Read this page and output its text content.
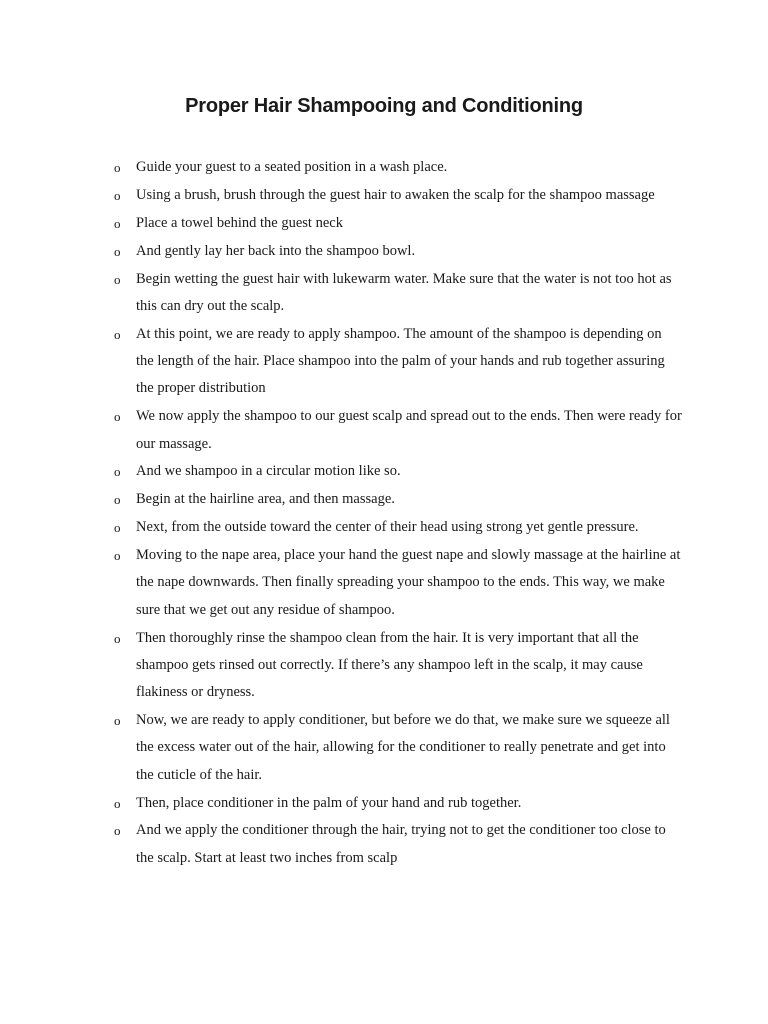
Proper Hair Shampooing and Conditioning
o Guide your guest to a seated position in a wash place.
o Using a brush, brush through the guest hair to awaken the scalp for the shampoo massage
o Place a towel behind the guest neck
o And gently lay her back into the shampoo bowl.
o Begin wetting the guest hair with lukewarm water. Make sure that the water is not too hot as this can dry out the scalp.
o At this point, we are ready to apply shampoo. The amount of the shampoo is depending on the length of the hair. Place shampoo into the palm of your hands and rub together assuring the proper distribution
o We now apply the shampoo to our guest scalp and spread out to the ends. Then were ready for our massage.
o And we shampoo in a circular motion like so.
o Begin at the hairline area, and then massage.
o Next, from the outside toward the center of their head using strong yet gentle pressure.
o Moving to the nape area, place your hand the guest nape and slowly massage at the hairline at the nape downwards. Then finally spreading your shampoo to the ends. This way, we make sure that we get out any residue of shampoo.
o Then thoroughly rinse the shampoo clean from the hair. It is very important that all the shampoo gets rinsed out correctly. If there’s any shampoo left in the scalp, it may cause flakiness or dryness.
o Now, we are ready to apply conditioner, but before we do that, we make sure we squeeze all the excess water out of the hair, allowing for the conditioner to really penetrate and get into the cuticle of the hair.
o Then, place conditioner in the palm of your hand and rub together.
o And we apply the conditioner through the hair, trying not to get the conditioner too close to the scalp. Start at least two inches from scalp
